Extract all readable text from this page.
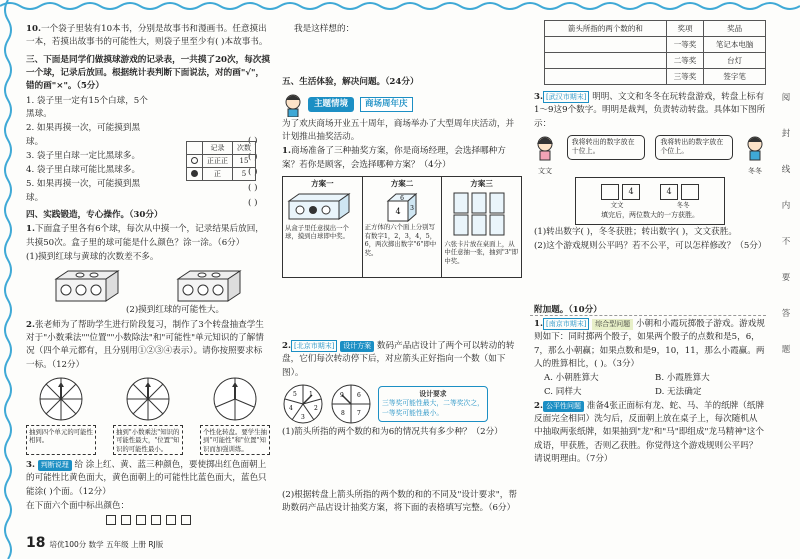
10.一个袋子里装有10本书，分别是故事书和漫画书。任意摸出一本，若摸出故事书的可能性大，则袋子里至少有( )本故事书。

三、下面是同学们做摸球游戏的记录表，一共摸了20次，每次摸一个球，记录后放回。根据统计表判断下面说法，对的画"√"，错的画"×"。（5分）

1. 袋子里一定有15个白球，5个黑球。

2. 如果再摸一次，可能摸到黑球。

3. 袋子里白球一定比黑球多。

4. 袋子里白球可能比黑球多。

5. 如果再摸一次，可能摸到黑球。

( )
( )
( )
( )
( )
	记录	次数
	正正正	15
	正	5

四、实践锻造，专心操作。（30分）

1.下面盒子里各有6个球，每次从中摸一个，记录结果后放回，共摸50次。盒子里的球可能是什么颜色？涂一涂。（6分）

(1)摸到红球与黄球的次数差不多。

(2)摸到红球的可能性大。

2.张老师为了帮助学生进行阶段复习，制作了3个转盘抽查学生对于"小数乘法""位置""小数除法"和"可能性"单元知识的了解情况（四个单元都有，且分别用①②③④表示）。请你按照要求标一标。（12分）

抽到四个单元的可能性相同。
抽到"小数乘法"知识的可能性最大，"位置"知识的可能性最小。
个性化转盘。要学生抽到"可能性"和"位置"知识而加强训练。

3. 判断说理 给 涂上红、黄、蓝三种颜色，要使掷出红色面朝上的可能性比黄色面大，黄色面朝上的可能性比蓝色面大，蓝色只能涂( )个面。（12分）

在下面六个面中标出颜色：

18 培优100分 数学 五年级 上册 RJ版

我是这样想的：

五、生活体验，解决问题。（24分）

主题情境	商场周年庆

为了欢庆商场开业五十周年，商场举办了大型周年庆活动，并计划推出抽奖活动。

1.商场准备了三种抽奖方案，你是商场经理，会选择哪种方案？若你是顾客，会选择哪种方案？（4分）

方案一
从盒子里任意摸出一个球，摸到白球即中奖。
方案二
6
4 3
正方体的六个面上分别写有数字1，2，3，4，5，6，两次掷出数字"6"即中奖。
方案三
六张卡片放在桌面上，从中任意抽一张，抽到"3"即中奖。

2. [北京市期末] 设计方案 数码产品店设计了两个可以转动的转盘，它们每次转动停下后，对应箭头正好指向一个数（如下图）。

1
2
3
4
5	6
7
8
9	设计要求
三等奖可能性最大，二等奖次之，一等奖可能性最小。

(1)箭头所指的两个数的和为6的情况共有多少种？（2分）

(2)根据转盘上箭头所指的两个数的和的不同及"设计要求"，帮助数码产品店设计抽奖方案，将下面的表格填写完整。（6分）

箭头所指的两个数的和	奖项	奖品
	一等奖	笔记本电脑
	二等奖	台灯
	三等奖	签字笔

3. [武汉市期末] 明明、文文和冬冬在玩转盘游戏，转盘上标有1～9这9个数字。明明是裁判，负责转动转盘。具体如下图所示：

文文
我将转出的数字放在十位上。
我将转出的数字放在个位上。
冬冬
4	4
文文	冬冬
填完后，两位数大的一方获胜。

(1)转出数字( )，冬冬获胜；转出数字( )，文文获胜。

(2)这个游戏规则公平吗？若不公平，可以怎样修改？（5分）

附加题。（10分）

1. [南京市期末] 综合型问题 小朝和小霞玩掷骰子游戏。游戏规则如下：同时掷两个骰子，如果两个骰子的点数和是5，6，7，那么小朝赢；如果点数和是9，10，11，那么小霞赢。两人的胜算相比，( )。（3分）

A. 小朝胜算大	B. 小霞胜算大
C. 同样大	D. 无法确定

2. 公平性问题 准备4张正面标有龙、蛇、马、羊的纸牌（纸牌反面完全相同）洗匀后，反面朝上放在桌子上，每次随机从中抽取两张纸牌，如果抽到"龙"和"马"即组成"龙马精神"这个成语，甲获胜，否则乙获胜。你觉得这个游戏规则公平吗？请说明理由。（7分）

阅
封
线
内
不
要
答
题
